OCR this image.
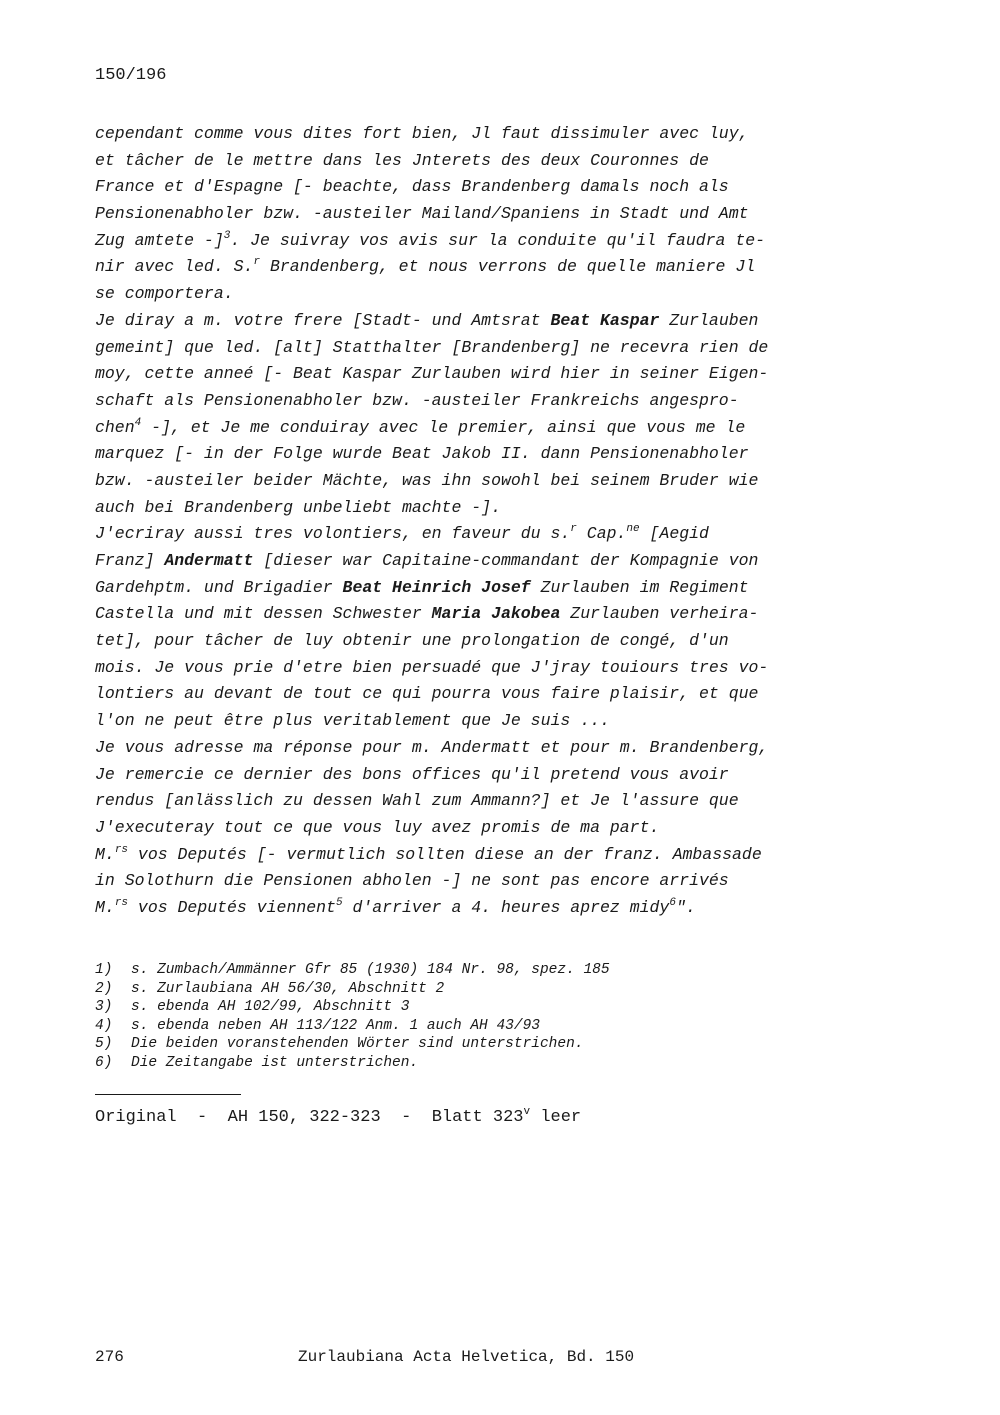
150/196
cependant comme vous dites fort bien, Jl faut dissimuler avec luy,
et tâcher de le mettre dans les Jnterets des deux Couronnes de
France et d'Espagne [- beachte, dass Brandenberg damals noch als
Pensionenabholer bzw. -austeiler Mailand/Spaniens in Stadt und Amt
Zug amtete -]$^3$. Je suivray vos avis sur la conduite qu'il faudra te-
nir avec led. S.$^r$ Brandenberg, et nous verrons de quelle maniere Jl
se comportera.
Je diray a m. votre frere [Stadt- und Amtsrat Beat Kaspar Zurlauben
gemeint] que led. [alt] Statthalter [Brandenberg] ne recevra rien de
moy, cette anneé [- Beat Kaspar Zurlauben wird hier in seiner Eigen-
schaft als Pensionenabholer bzw. -austeiler Frankreichs angespro-
chen$^4$ -], et Je me conduiray avec le premier, ainsi que vous me le
marquez [- in der Folge wurde Beat Jakob II. dann Pensionenabholer
bzw. -austeiler beider Mächte, was ihn sowohl bei seinem Bruder wie
auch bei Brandenberg unbeliebt machte -].
J'ecriray aussi tres volontiers, en faveur du s.$^r$ Cap.$^{ne}$ [Aegid
Franz] Andermatt [dieser war Capitaine-commandant der Kompagnie von
Gardehptm. und Brigadier Beat Heinrich Josef Zurlauben im Regiment
Castella und mit dessen Schwester Maria Jakobea Zurlauben verheira-
tet], pour tâcher de luy obtenir une prolongation de congé, d'un
mois. Je vous prie d'etre bien persuadé que J'jray touiours tres vo-
lontiers au devant de tout ce qui pourra vous faire plaisir, et que
l'on ne peut être plus veritablement que Je suis ...
Je vous adresse ma réponse pour m. Andermatt et pour m. Brandenberg,
Je remercie ce dernier des bons offices qu'il pretend vous avoir
rendus [anlässlich zu dessen Wahl zum Ammann?] et Je l'assure que
J'executeray tout ce que vous luy avez promis de ma part.
M.$^{rs}$ vos Deputés [- vermutlich sollten diese an der franz. Ambassade
in Solothurn die Pensionen abholen -] ne sont pas encore arrivés
M.$^{rs}$ vos Deputés viennent$^5$ d'arriver a 4. heures aprez midy$^6$".
1) s. Zumbach/Ammänner Gfr 85 (1930) 184 Nr. 98, spez. 185
2) s. Zurlaubiana AH 56/30, Abschnitt 2
3) s. ebenda AH 102/99, Abschnitt 3
4) s. ebenda neben AH 113/122 Anm. 1 auch AH 43/93
5) Die beiden voranstehenden Wörter sind unterstrichen.
6) Die Zeitangabe ist unterstrichen.
Original - AH 150, 322-323 - Blatt 323$^v$ leer
276	Zurlaubiana Acta Helvetica, Bd. 150
